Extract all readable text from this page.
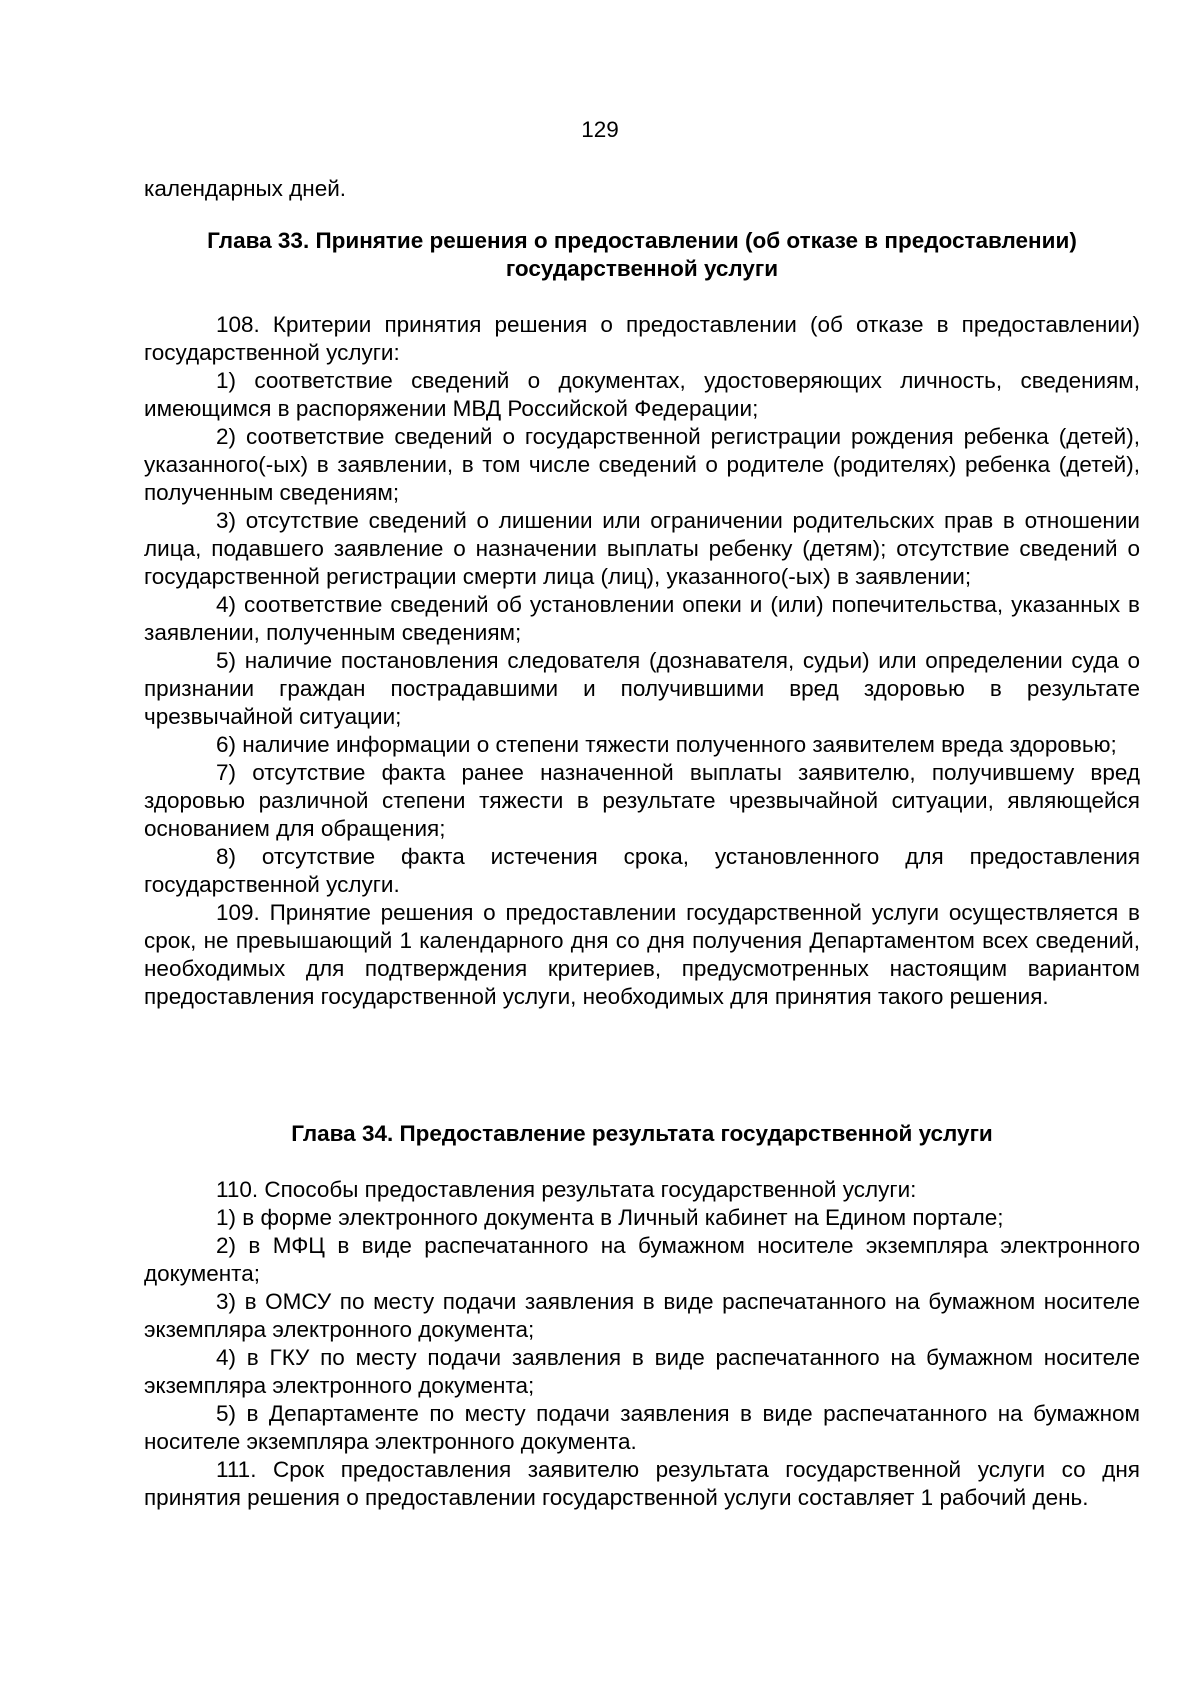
129

календарных дней.

Глава 33. Принятие решения о предоставлении (об отказе в предоставлении)
государственной услуги

108. Критерии принятия решения о предоставлении (об отказе в предоставлении) государственной услуги:

1) соответствие сведений о документах, удостоверяющих личность, сведениям, имеющимся в распоряжении МВД Российской Федерации;

2) соответствие сведений о государственной регистрации рождения ребенка (детей), указанного(-ых) в заявлении, в том числе сведений о родителе (родителях) ребенка (детей), полученным сведениям;

3) отсутствие сведений о лишении или ограничении родительских прав в отношении лица, подавшего заявление о назначении выплаты ребенку (детям); отсутствие сведений о государственной регистрации смерти лица (лиц), указанного(-ых) в заявлении;

4) соответствие сведений об установлении опеки и (или) попечительства, указанных в заявлении, полученным сведениям;

5) наличие постановления следователя (дознавателя, судьи) или определении суда о признании граждан пострадавшими и получившими вред здоровью в результате чрезвычайной ситуации;

6) наличие информации о степени тяжести полученного заявителем вреда здоровью;

7) отсутствие факта ранее назначенной выплаты заявителю, получившему вред здоровью различной степени тяжести в результате чрезвычайной ситуации, являющейся основанием для обращения;

8) отсутствие факта истечения срока, установленного для предоставления государственной услуги.

109. Принятие решения о предоставлении государственной услуги осуществляется в срок, не превышающий 1 календарного дня со дня получения Департаментом всех сведений, необходимых для подтверждения критериев, предусмотренных настоящим вариантом предоставления государственной услуги, необходимых для принятия такого решения.

Глава 34. Предоставление результата государственной услуги

110. Способы предоставления результата государственной услуги:

1) в форме электронного документа в Личный кабинет на Едином портале;

2) в МФЦ в виде распечатанного на бумажном носителе экземпляра электронного документа;

3) в ОМСУ по месту подачи заявления в виде распечатанного на бумажном носителе экземпляра электронного документа;

4) в ГКУ по месту подачи заявления в виде распечатанного на бумажном носителе экземпляра электронного документа;

5) в Департаменте по месту подачи заявления в виде распечатанного на бумажном носителе экземпляра электронного документа.

111. Срок предоставления заявителю результата государственной услуги со дня принятия решения о предоставлении государственной услуги составляет 1 рабочий день.
